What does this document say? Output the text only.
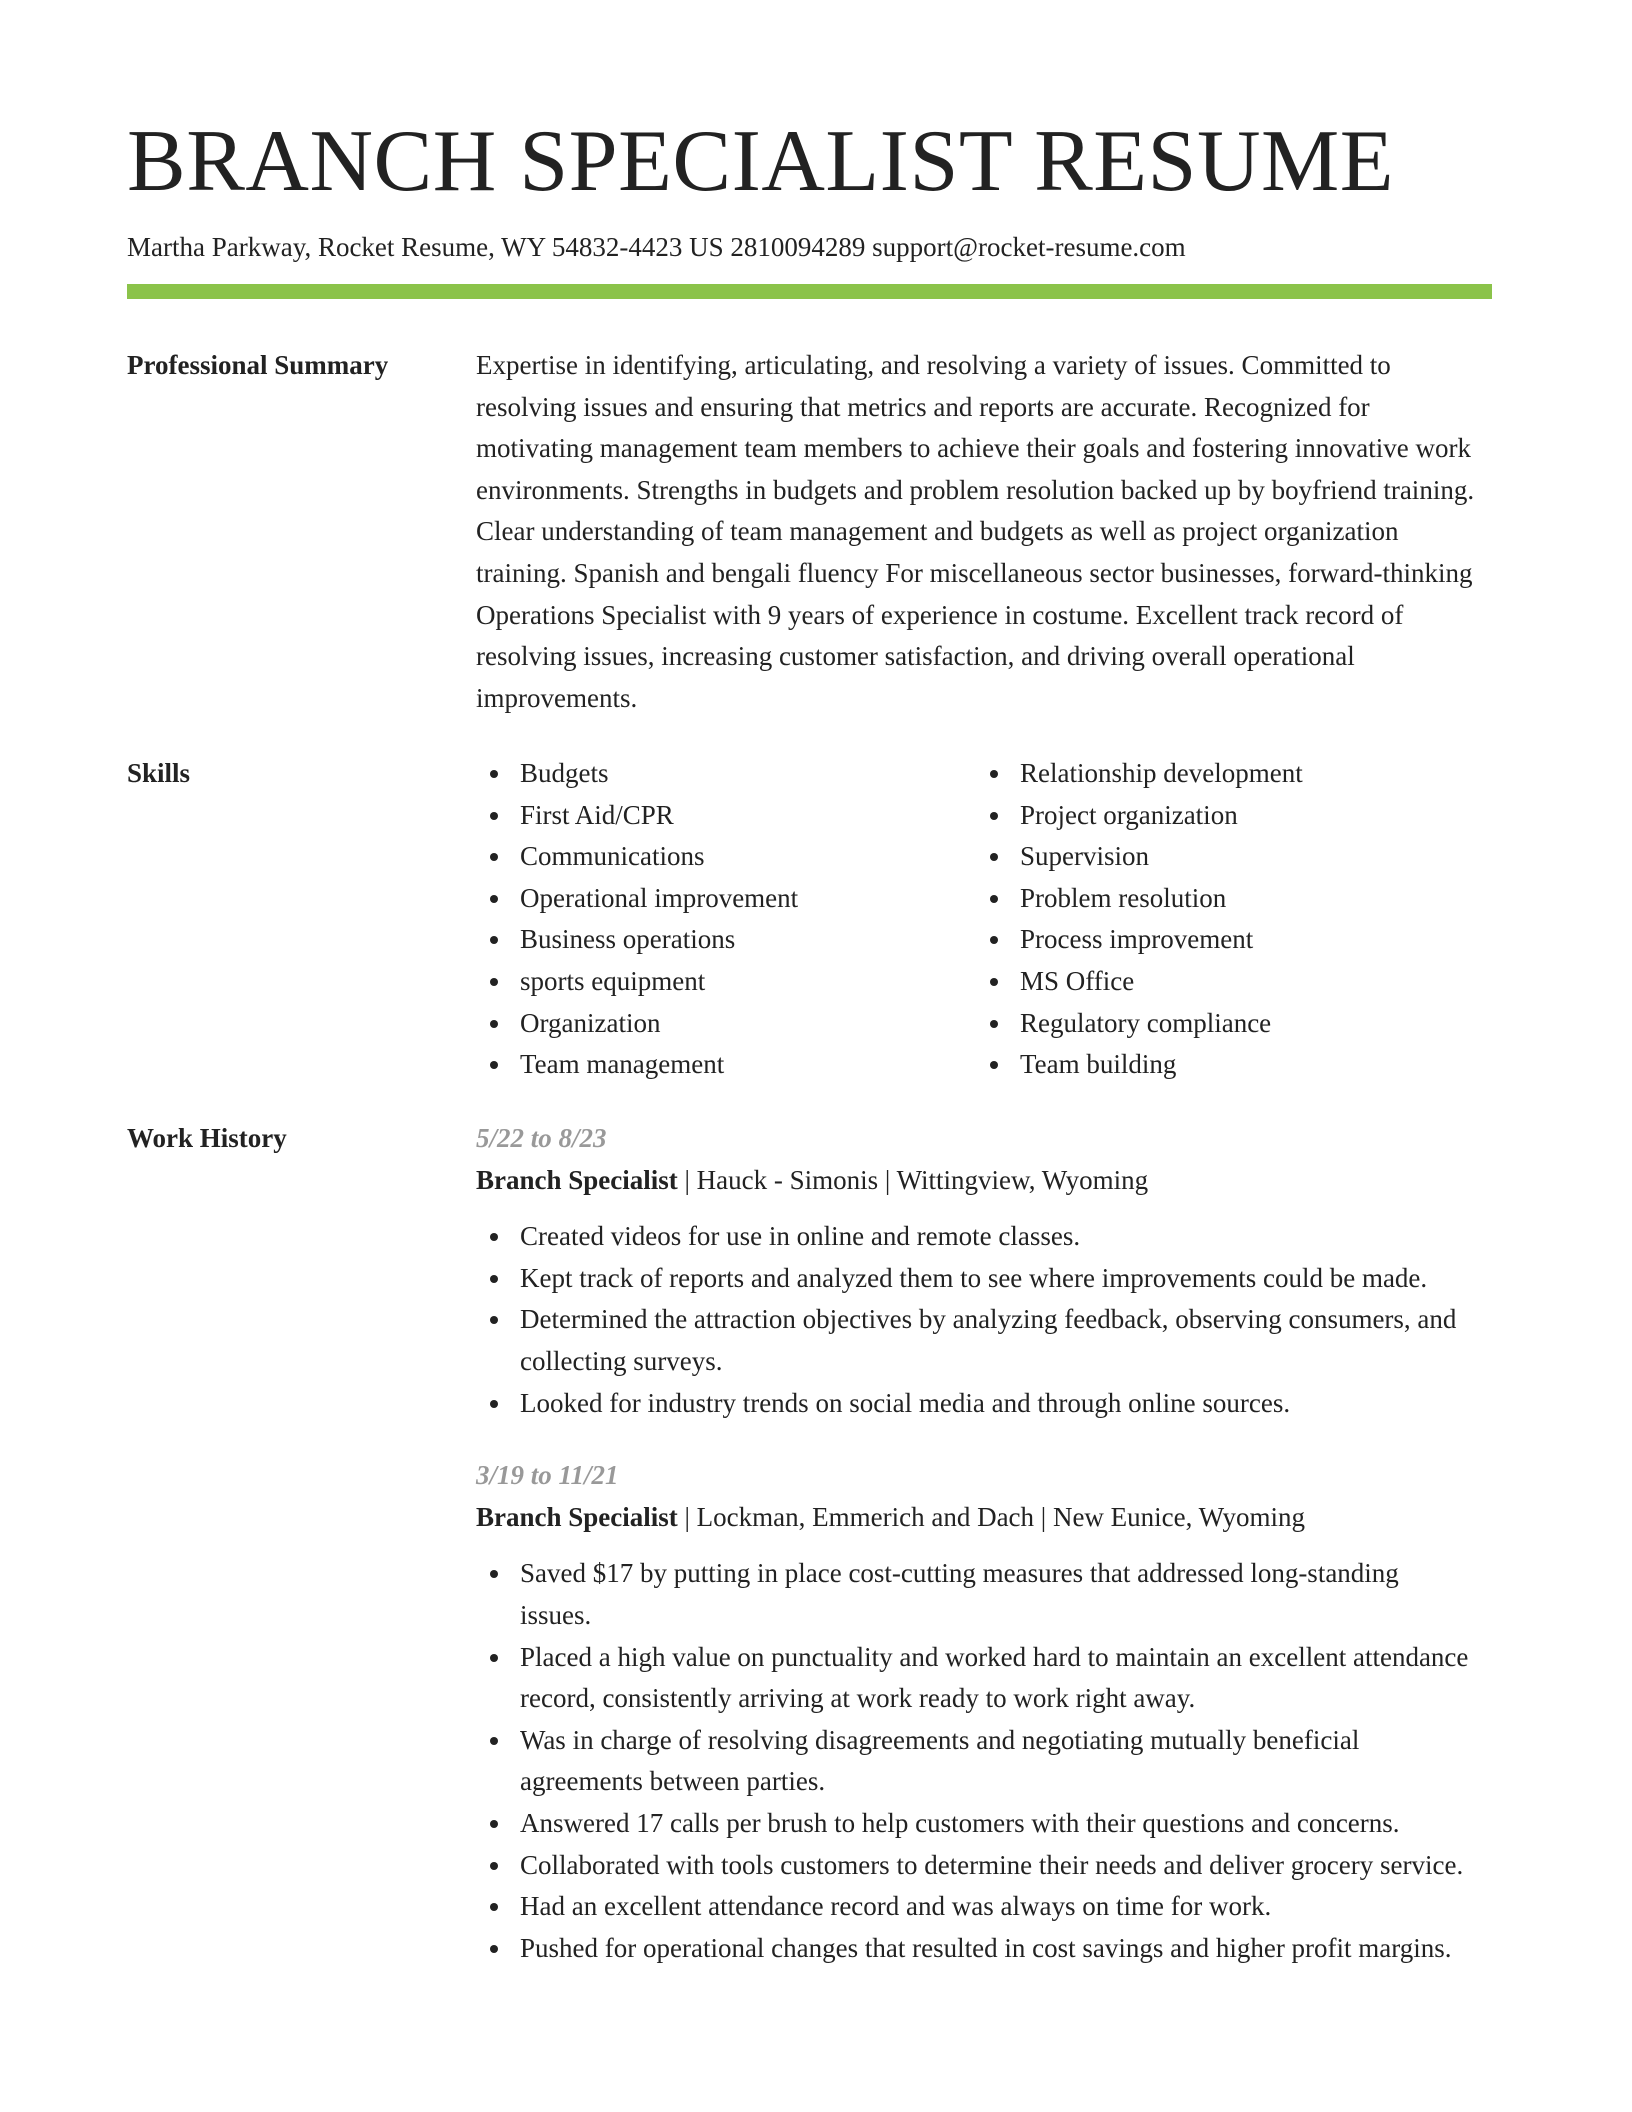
BRANCH SPECIALIST RESUME
Martha Parkway, Rocket Resume, WY 54832-4423 US 2810094289 support@rocket-resume.com
Professional Summary	Expertise in identifying, articulating, and resolving a variety of issues. Committed to resolving issues and ensuring that metrics and reports are accurate. Recognized for motivating management team members to achieve their goals and fostering innovative work environments. Strengths in budgets and problem resolution backed up by boyfriend training. Clear understanding of team management and budgets as well as project organization training. Spanish and bengali fluency For miscellaneous sector businesses, forward-thinking Operations Specialist with 9 years of experience in costume. Excellent track record of resolving issues, increasing customer satisfaction, and driving overall operational improvements.

Skills	Budgets
First Aid/CPR
Communications
Operational improvement
Business operations
sports equipment
Organization
Team management
Relationship development
Project organization
Supervision
Problem resolution
Process improvement
MS Office
Regulatory compliance
Team building
Work History	5/22 to 8/23
Branch Specialist | Hauck - Simonis | Wittingview, Wyoming
Created videos for use in online and remote classes.
Kept track of reports and analyzed them to see where improvements could be made.
Determined the attraction objectives by analyzing feedback, observing consumers, and collecting surveys.
Looked for industry trends on social media and through online sources.
3/19 to 11/21
Branch Specialist | Lockman, Emmerich and Dach | New Eunice, Wyoming
Saved $17 by putting in place cost-cutting measures that addressed long-standing issues.
Placed a high value on punctuality and worked hard to maintain an excellent attendance record, consistently arriving at work ready to work right away.
Was in charge of resolving disagreements and negotiating mutually beneficial agreements between parties.
Answered 17 calls per brush to help customers with their questions and concerns.
Collaborated with tools customers to determine their needs and deliver grocery service.
Had an excellent attendance record and was always on time for work.
Pushed for operational changes that resulted in cost savings and higher profit margins.
